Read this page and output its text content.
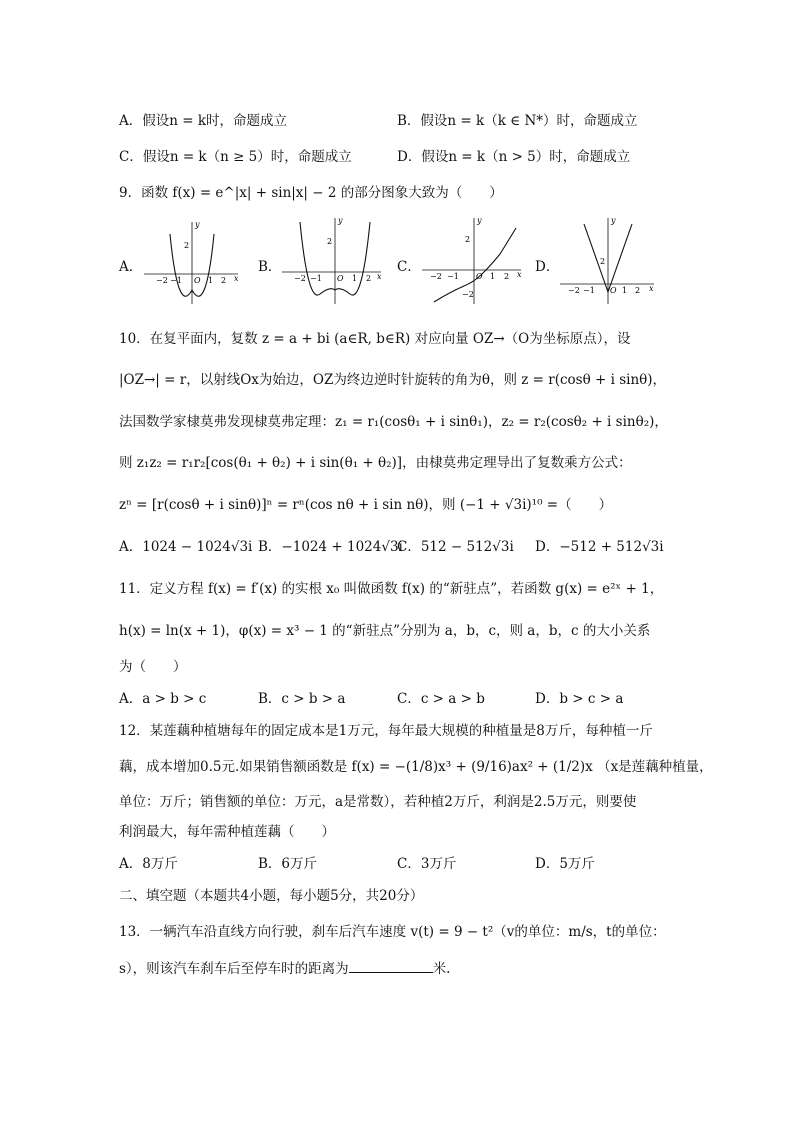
A．假设n = k时，命题成立	B．假设n = k（k ∈ N*）时，命题成立
C．假设n = k（n ≥ 5）时，命题成立	D．假设n = k（n > 5）时，命题成立
9．函数 f(x) = e^|x| + sin|x| − 2 的部分图象大致为（　　）
A．
y
2
−2 −1 O 1 2 x
B．
y
2
−2 −1 O 1 2 x
C．
y
2
−2
−2 −1 O 1 2 x D．
y
2
−2 −1 O 1 2 x
10．在复平面内，复数 z = a + bi (a∈R, b∈R) 对应向量 OZ→（O为坐标原点），设
|OZ→| = r，以射线Ox为始边，OZ为终边逆时针旋转的角为θ，则 z = r(cosθ + i sinθ)，
法国数学家棣莫弗发现棣莫弗定理：z₁ = r₁(cosθ₁ + i sinθ₁)，z₂ = r₂(cosθ₂ + i sinθ₂)，
则 z₁z₂ = r₁r₂[cos(θ₁ + θ₂) + i sin(θ₁ + θ₂)]，由棣莫弗定理导出了复数乘方公式：
zⁿ = [r(cosθ + i sinθ)]ⁿ = rⁿ(cos nθ + i sin nθ)，则 (−1 + √3i)¹⁰ =（　　）
A．1024 − 1024√3i B．−1024 + 1024√3i
C．512 − 512√3i D．−512 + 512√3i
11．定义方程 f(x) = f′(x) 的实根 x₀ 叫做函数 f(x) 的“新驻点”，若函数 g(x) = e²ˣ + 1，
h(x) = ln(x + 1)，φ(x) = x³ − 1 的“新驻点”分别为 a，b，c，则 a，b，c 的大小关系
为（　　）
A．a > b > c	B．c > b > a	C．c > a > b	D．b > c > a
12．某莲藕种植塘每年的固定成本是1万元，每年最大规模的种植量是8万斤，每种植一斤
藕，成本增加0.5元.如果销售额函数是 f(x) = −(1/8)x³ + (9/16)ax² + (1/2)x （x是莲藕种植量，
单位：万斤；销售额的单位：万元，a是常数），若种植2万斤，利润是2.5万元，则要使
利润最大，每年需种植莲藕（　　）
A．8万斤	B．6万斤	C．3万斤	D．5万斤
二、填空题（本题共4小题，每小题5分，共20分）
13．一辆汽车沿直线方向行驶，刹车后汽车速度 v(t) = 9 − t²（v的单位：m/s，t的单位：
s），则该汽车刹车后至停车时的距离为	米.
